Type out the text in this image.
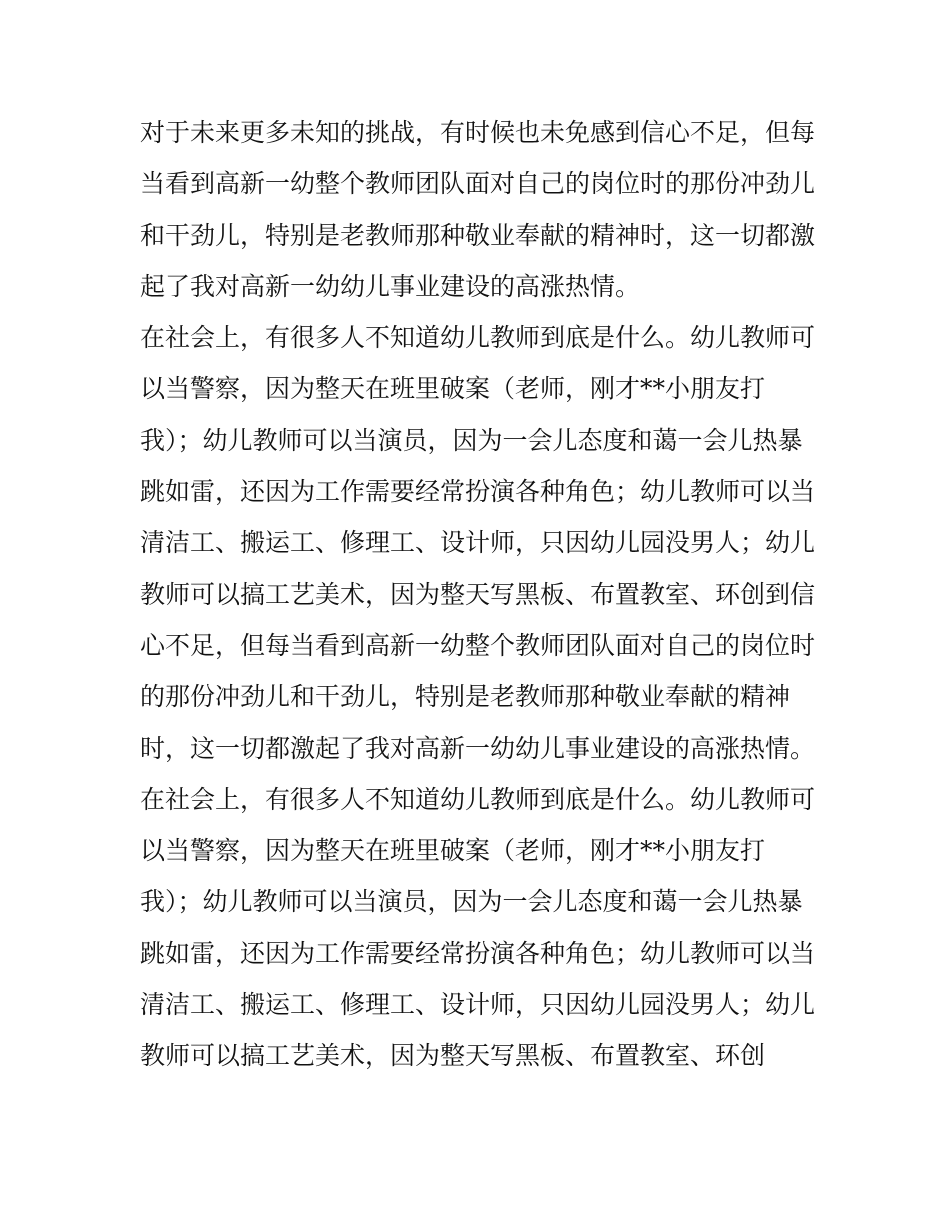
对于未来更多未知的挑战，有时候也未免感到信心不足，但每
当看到高新一幼整个教师团队面对自己的岗位时的那份冲劲儿
和干劲儿，特别是老教师那种敬业奉献的精神时，这一切都激
起了我对高新一幼幼儿事业建设的高涨热情。
在社会上，有很多人不知道幼儿教师到底是什么。幼儿教师可
以当警察，因为整天在班里破案（老师，刚才**小朋友打
我）；幼儿教师可以当演员，因为一会儿态度和蔼一会儿热暴
跳如雷，还因为工作需要经常扮演各种角色；幼儿教师可以当
清洁工、搬运工、修理工、设计师，只因幼儿园没男人；幼儿
教师可以搞工艺美术，因为整天写黑板、布置教室、环创到信
心不足，但每当看到高新一幼整个教师团队面对自己的岗位时
的那份冲劲儿和干劲儿，特别是老教师那种敬业奉献的精神
时，这一切都激起了我对高新一幼幼儿事业建设的高涨热情。
在社会上，有很多人不知道幼儿教师到底是什么。幼儿教师可
以当警察，因为整天在班里破案（老师，刚才**小朋友打
我）；幼儿教师可以当演员，因为一会儿态度和蔼一会儿热暴
跳如雷，还因为工作需要经常扮演各种角色；幼儿教师可以当
清洁工、搬运工、修理工、设计师，只因幼儿园没男人；幼儿
教师可以搞工艺美术，因为整天写黑板、布置教室、环创
